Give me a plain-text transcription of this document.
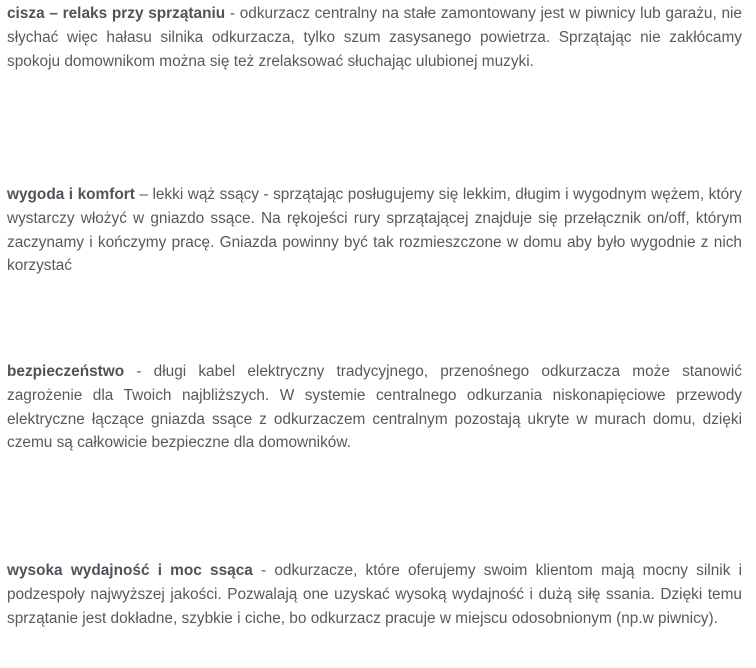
cisza – relaks przy sprzątaniu - odkurzacz centralny na stałe zamontowany jest w piwnicy lub garażu, nie słychać więc hałasu silnika odkurzacza, tylko szum zasysanego powietrza. Sprzątając nie zakłócamy spokoju domownikom można się też zrelaksować słuchając ulubionej muzyki.

wygoda i komfort – lekki wąż ssący - sprzątając posługujemy się lekkim, długim i wygodnym wężem, który wystarczy włożyć w gniazdo ssące. Na rękojeści rury sprzątającej znajduje się przełącznik on/off, którym zaczynamy i kończymy pracę. Gniazda powinny być tak rozmieszczone w domu aby było wygodnie z nich korzystać

bezpieczeństwo - długi kabel elektryczny tradycyjnego, przenośnego odkurzacza może stanowić zagrożenie dla Twoich najbliższych. W systemie centralnego odkurzania niskonapięciowe przewody elektryczne łączące gniazda ssące z odkurzaczem centralnym pozostają ukryte w murach domu, dzięki czemu są całkowicie bezpieczne dla domowników.

wysoka wydajność i moc ssąca - odkurzacze, które oferujemy swoim klientom mają mocny silnik i podzespoły najwyższej jakości. Pozwalają one uzyskać wysoką wydajność i dużą siłę ssania. Dzięki temu sprzątanie jest dokładne, szybkie i ciche, bo odkurzacz pracuje w miejscu odosobnionym (np.w piwnicy).
